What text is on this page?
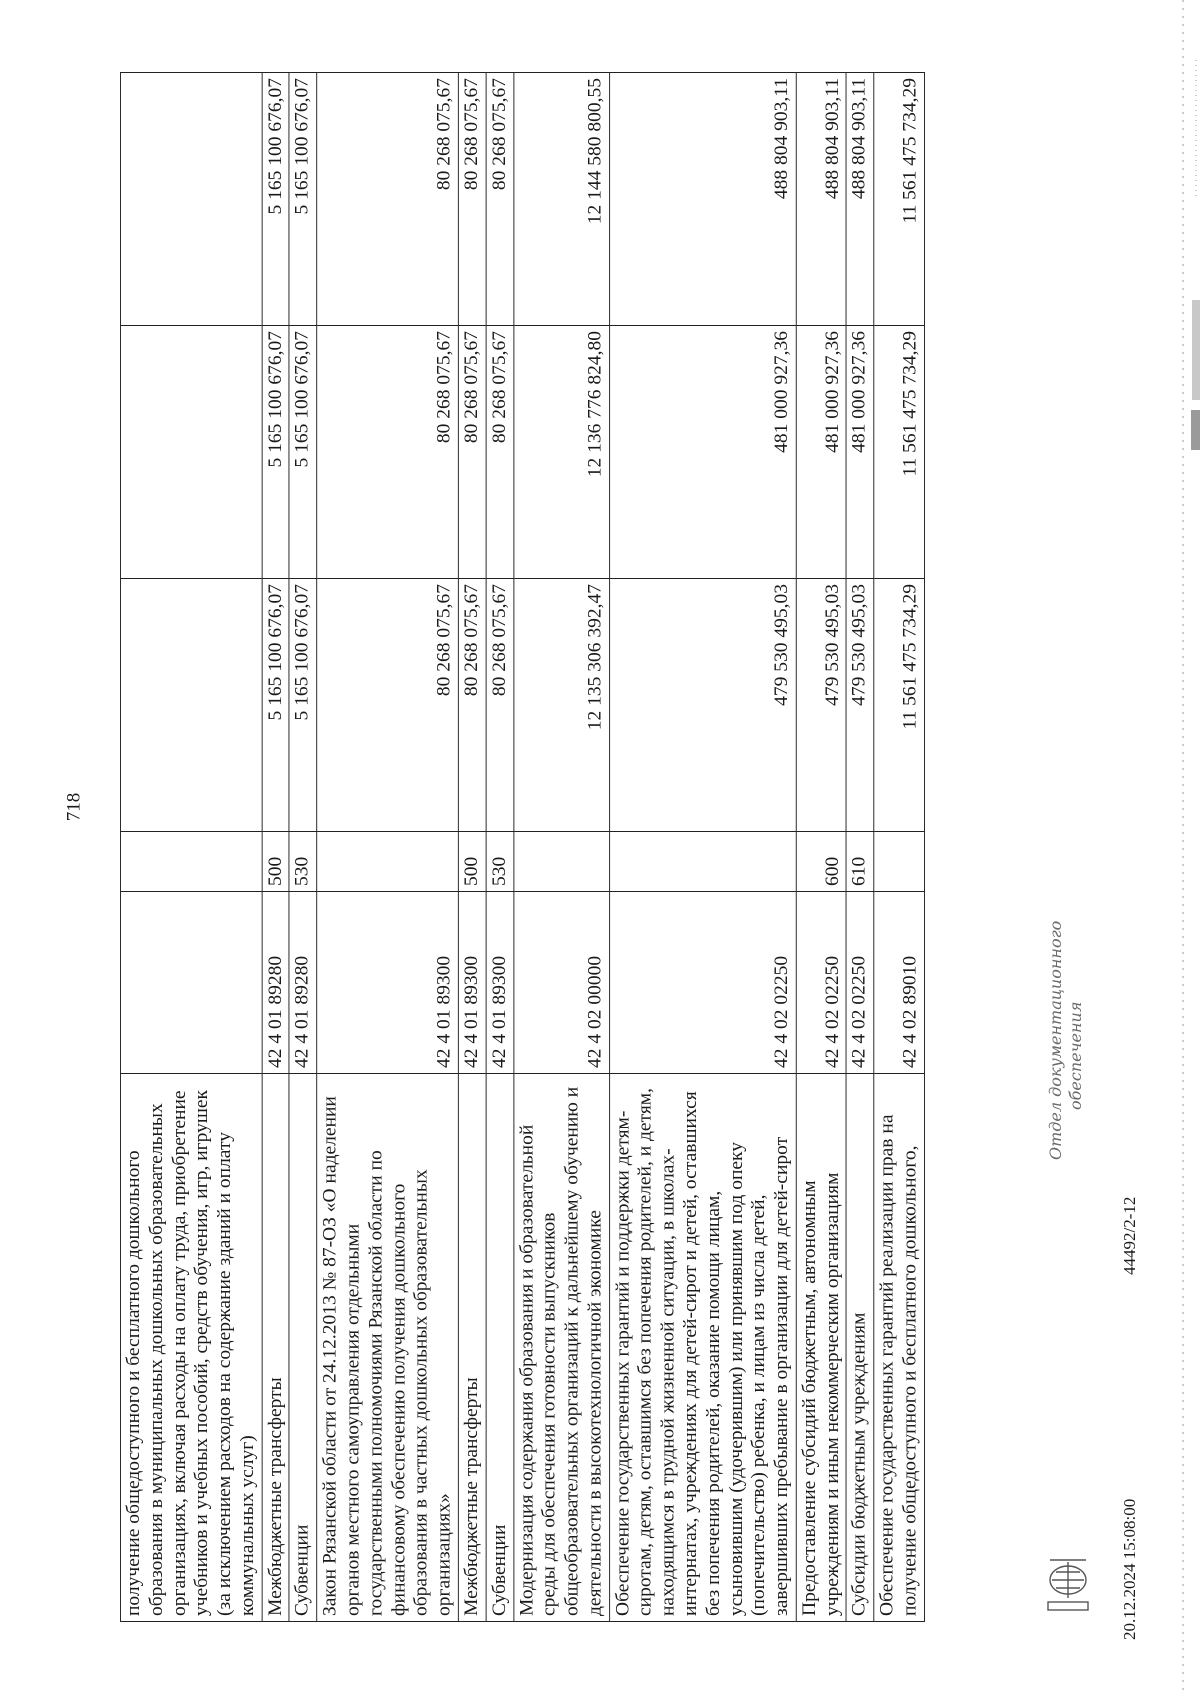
718
получение общедоступного и бесплатного дошкольного образования в муниципальных дошкольных образовательных организациях, включая расходы на оплату труда, приобретение учебников и учебных пособий, средств обучения, игр, игрушек (за исключением расходов на содержание зданий и оплату коммунальных услуг)					
Межбюджетные трансферты	42 4 01 89280	500	5 165 100 676,07	5 165 100 676,07	5 165 100 676,07
Субвенции	42 4 01 89280	530	5 165 100 676,07	5 165 100 676,07	5 165 100 676,07
Закон Рязанской области от 24.12.2013 № 87-ОЗ «О наделении органов местного самоуправления отдельными государственными полномочиями Рязанской области по финансовому обеспечению получения дошкольного образования в частных дошкольных образовательных организациях»	42 4 01 89300		80 268 075,67	80 268 075,67	80 268 075,67
Межбюджетные трансферты	42 4 01 89300	500	80 268 075,67	80 268 075,67	80 268 075,67
Субвенции	42 4 01 89300	530	80 268 075,67	80 268 075,67	80 268 075,67
Модернизация содержания образования и образовательной среды для обеспечения готовности выпускников общеобразовательных организаций к дальнейшему обучению и деятельности в высокотехнологичной экономике	42 4 02 00000		12 135 306 392,47	12 136 776 824,80	12 144 580 800,55
Обеспечение государственных гарантий и поддержки детям-сиротам, детям, оставшимся без попечения родителей, и детям, находящимся в трудной жизненной ситуации, в школах-интернатах, учреждениях для детей-сирот и детей, оставшихся без попечения родителей, оказание помощи лицам, усыновившим (удочерившим) или принявшим под опеку (попечительство) ребенка, и лицам из числа детей, завершивших пребывание в организации для детей-сирот	42 4 02 02250		479 530 495,03	481 000 927,36	488 804 903,11
Предоставление субсидий бюджетным, автономным учреждениям и иным некоммерческим организациям	42 4 02 02250	600	479 530 495,03	481 000 927,36	488 804 903,11
Субсидии бюджетным учреждениям	42 4 02 02250	610	479 530 495,03	481 000 927,36	488 804 903,11
Обеспечение государственных гарантий реализации прав на получение общедоступного и бесплатного дошкольного,	42 4 02 89010		11 561 475 734,29	11 561 475 734,29	11 561 475 734,29
20.12.2024 15:08:00
44492/2-12
Отдел документационного обеспечения
